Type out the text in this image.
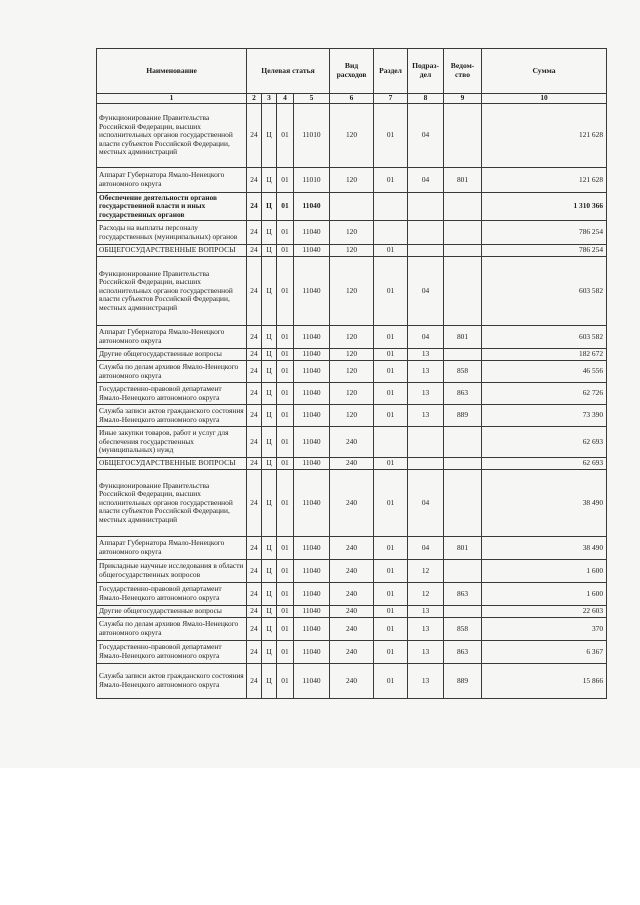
Наименование	Целевая статья				Вид расходов	Раздел	Подраз-дел	Ведом-ство	Сумма
1	2	3	4	5	6	7	8	9	10
Функционирование Правительства Российской Федерации, высших исполнительных органов государственной власти субъектов Российской Федерации, местных администраций	24	Ц	01	11010	120	01	04		121 628
Аппарат Губернатора Ямало-Ненецкого автономного округа	24	Ц	01	11010	120	01	04	801	121 628
Обеспечение деятельности органов государственной власти и иных государственных органов	24	Ц	01	11040					1 310 366
Расходы на выплаты персоналу государственных (муниципальных) органов	24	Ц	01	11040	120				786 254
ОБЩЕГОСУДАРСТВЕННЫЕ ВОПРОСЫ	24	Ц	01	11040	120	01			786 254
Функционирование Правительства Российской Федерации, высших исполнительных органов государственной власти субъектов Российской Федерации, местных администраций	24	Ц	01	11040	120	01	04		603 582
Аппарат Губернатора Ямало-Ненецкого автономного округа	24	Ц	01	11040	120	01	04	801	603 582
Другие общегосударственные вопросы	24	Ц	01	11040	120	01	13		182 672
Служба по делам архивов Ямало-Ненецкого автономного округа	24	Ц	01	11040	120	01	13	858	46 556
Государственно-правовой департамент Ямало-Ненецкого автономного округа	24	Ц	01	11040	120	01	13	863	62 726
Служба записи актов гражданского состояния Ямало-Ненецкого автономного округа	24	Ц	01	11040	120	01	13	889	73 390
Иные закупки товаров, работ и услуг для обеспечения государственных (муниципальных) нужд	24	Ц	01	11040	240				62 693
ОБЩЕГОСУДАРСТВЕННЫЕ ВОПРОСЫ	24	Ц	01	11040	240	01			62 693
Функционирование Правительства Российской Федерации, высших исполнительных органов государственной власти субъектов Российской Федерации, местных администраций	24	Ц	01	11040	240	01	04		38 490
Аппарат Губернатора Ямало-Ненецкого автономного округа	24	Ц	01	11040	240	01	04	801	38 490
Прикладные научные исследования в области общегосударственных вопросов	24	Ц	01	11040	240	01	12		1 600
Государственно-правовой департамент Ямало-Ненецкого автономного округа	24	Ц	01	11040	240	01	12	863	1 600
Другие общегосударственные вопросы	24	Ц	01	11040	240	01	13		22 603
Служба по делам архивов Ямало-Ненецкого автономного округа	24	Ц	01	11040	240	01	13	858	370
Государственно-правовой департамент Ямало-Ненецкого автономного округа	24	Ц	01	11040	240	01	13	863	6 367
Служба записи актов гражданского состояния Ямало-Ненецкого автономного округа	24	Ц	01	11040	240	01	13	889	15 866
